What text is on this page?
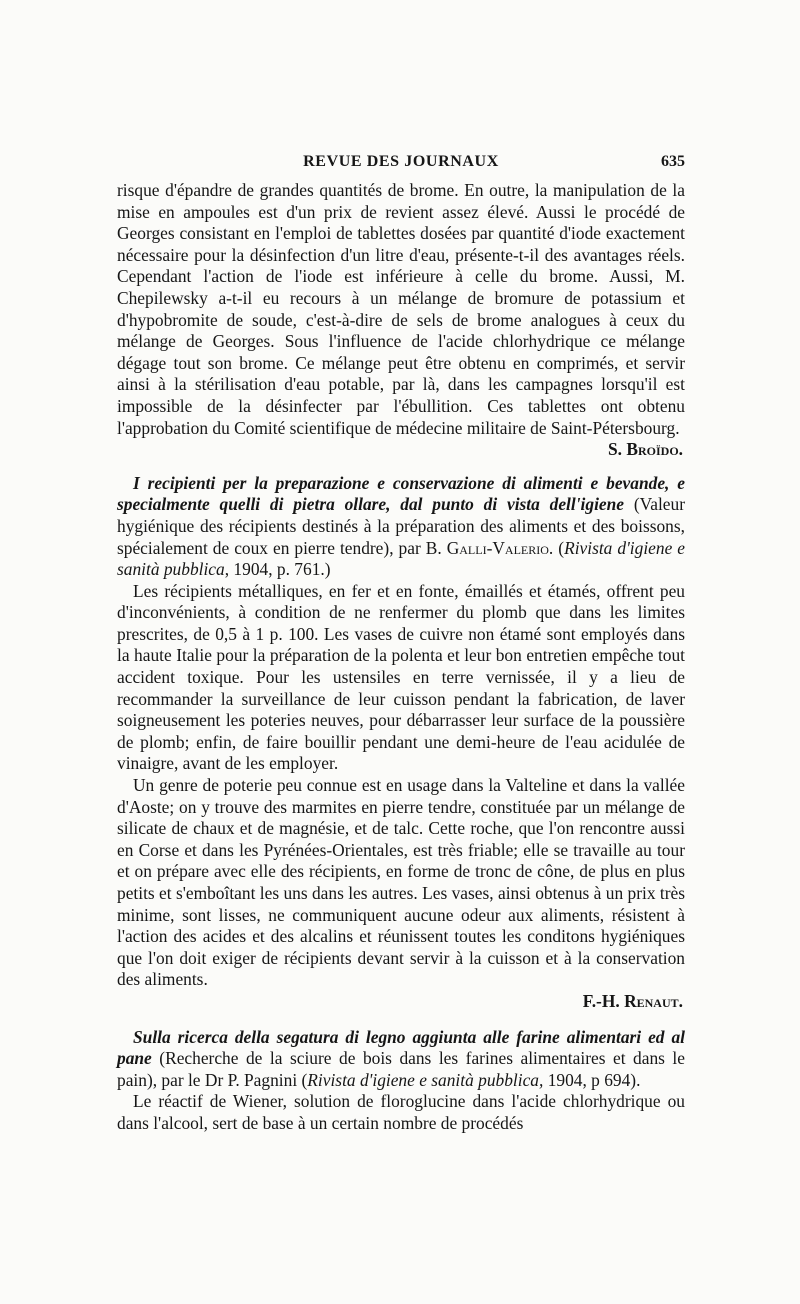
REVUE DES JOURNAUX	635

risque d'épandre de grandes quantités de brome. En outre, la manipulation de la mise en ampoules est d'un prix de revient assez élevé. Aussi le procédé de Georges consistant en l'emploi de tablettes dosées par quantité d'iode exactement nécessaire pour la désinfection d'un litre d'eau, présente-t-il des avantages réels. Cependant l'action de l'iode est inférieure à celle du brome. Aussi, M. Chepilewsky a-t-il eu recours à un mélange de bromure de potassium et d'hypobromite de soude, c'est-à-dire de sels de brome analogues à ceux du mélange de Georges. Sous l'influence de l'acide chlorhydrique ce mélange dégage tout son brome. Ce mélange peut être obtenu en comprimés, et servir ainsi à la stérilisation d'eau potable, par là, dans les campagnes lorsqu'il est impossible de la désinfecter par l'ébullition. Ces tablettes ont obtenu l'approbation du Comité scientifique de médecine militaire de Saint-Pétersbourg.

S. Broïdo.

I recipienti per la preparazione e conservazione di alimenti e bevande, e specialmente quelli di pietra ollare, dal punto di vista dell'igiene (Valeur hygiénique des récipients destinés à la préparation des aliments et des boissons, spécialement de coux en pierre tendre), par B. Galli-Valerio. (Rivista d'igiene e sanità pubblica, 1904, p. 761.)

Les récipients métalliques, en fer et en fonte, émaillés et étamés, offrent peu d'inconvénients, à condition de ne renfermer du plomb que dans les limites prescrites, de 0,5 à 1 p. 100. Les vases de cuivre non étamé sont employés dans la haute Italie pour la préparation de la polenta et leur bon entretien empêche tout accident toxique. Pour les ustensiles en terre vernissée, il y a lieu de recommander la surveillance de leur cuisson pendant la fabrication, de laver soigneusement les poteries neuves, pour débarrasser leur surface de la poussière de plomb; enfin, de faire bouillir pendant une demi-heure de l'eau acidulée de vinaigre, avant de les employer.

Un genre de poterie peu connue est en usage dans la Valteline et dans la vallée d'Aoste; on y trouve des marmites en pierre tendre, constituée par un mélange de silicate de chaux et de magnésie, et de talc. Cette roche, que l'on rencontre aussi en Corse et dans les Pyrénées-Orientales, est très friable; elle se travaille au tour et on prépare avec elle des récipients, en forme de tronc de cône, de plus en plus petits et s'emboîtant les uns dans les autres. Les vases, ainsi obtenus à un prix très minime, sont lisses, ne communiquent aucune odeur aux aliments, résistent à l'action des acides et des alcalins et réunissent toutes les conditons hygiéniques que l'on doit exiger de récipients devant servir à la cuisson et à la conservation des aliments.

F.-H. Renaut.

Sulla ricerca della segatura di legno aggiunta alle farine alimentari ed al pane (Recherche de la sciure de bois dans les farines alimentaires et dans le pain), par le Dr P. Pagnini (Rivista d'igiene e sanità pubblica, 1904, p 694).

Le réactif de Wiener, solution de floroglucine dans l'acide chlorhydrique ou dans l'alcool, sert de base à un certain nombre de procédés
